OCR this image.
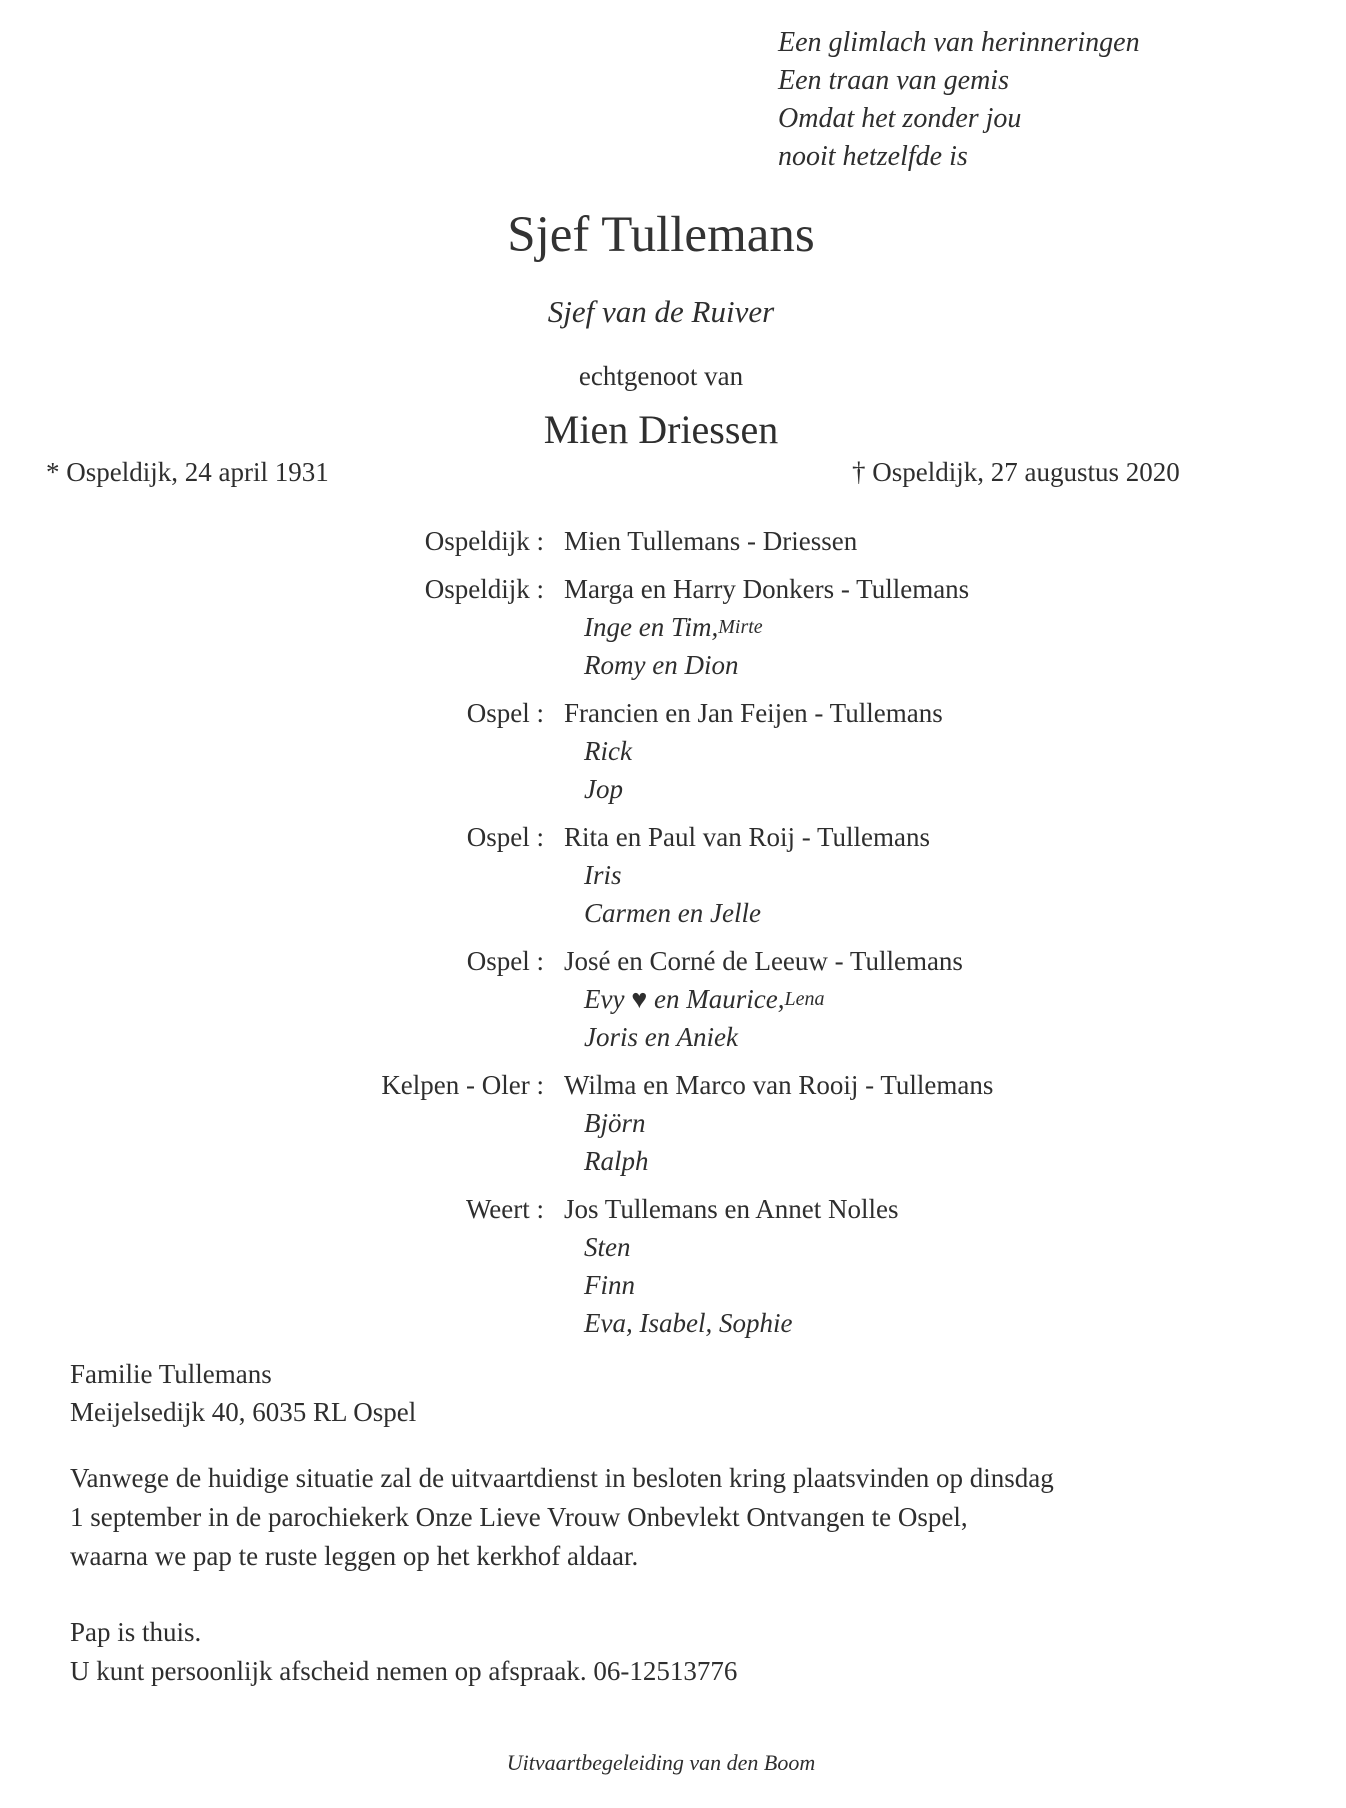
Een glimlach van herinneringen
Een traan van gemis
Omdat het zonder jou
nooit hetzelfde is
Sjef Tullemans
Sjef van de Ruiver
echtgenoot van
Mien Driessen
* Ospeldijk, 24 april 1931	† Ospeldijk, 27 augustus 2020
Ospeldijk : Mien Tullemans - Driessen
Ospeldijk : Marga en Harry Donkers - Tullemans
Inge en Tim, Mirte
Romy en Dion
Ospel : Francien en Jan Feijen - Tullemans
Rick
Jop
Ospel : Rita en Paul van Roij - Tullemans
Iris
Carmen en Jelle
Ospel : José en Corné de Leeuw - Tullemans
Evy ♥ en Maurice, Lena
Joris en Aniek
Kelpen - Oler : Wilma en Marco van Rooij - Tullemans
Björn
Ralph
Weert : Jos Tullemans en Annet Nolles
Sten
Finn
Eva, Isabel, Sophie
Familie Tullemans
Meijelsedijk 40, 6035 RL Ospel
Vanwege de huidige situatie zal de uitvaartdienst in besloten kring plaatsvinden op dinsdag
1 september in de parochiekerk Onze Lieve Vrouw Onbevlekt Ontvangen te Ospel,
waarna we pap te ruste leggen op het kerkhof aldaar.
Pap is thuis.
U kunt persoonlijk afscheid nemen op afspraak. 06-12513776
Uitvaartbegeleiding van den Boom
